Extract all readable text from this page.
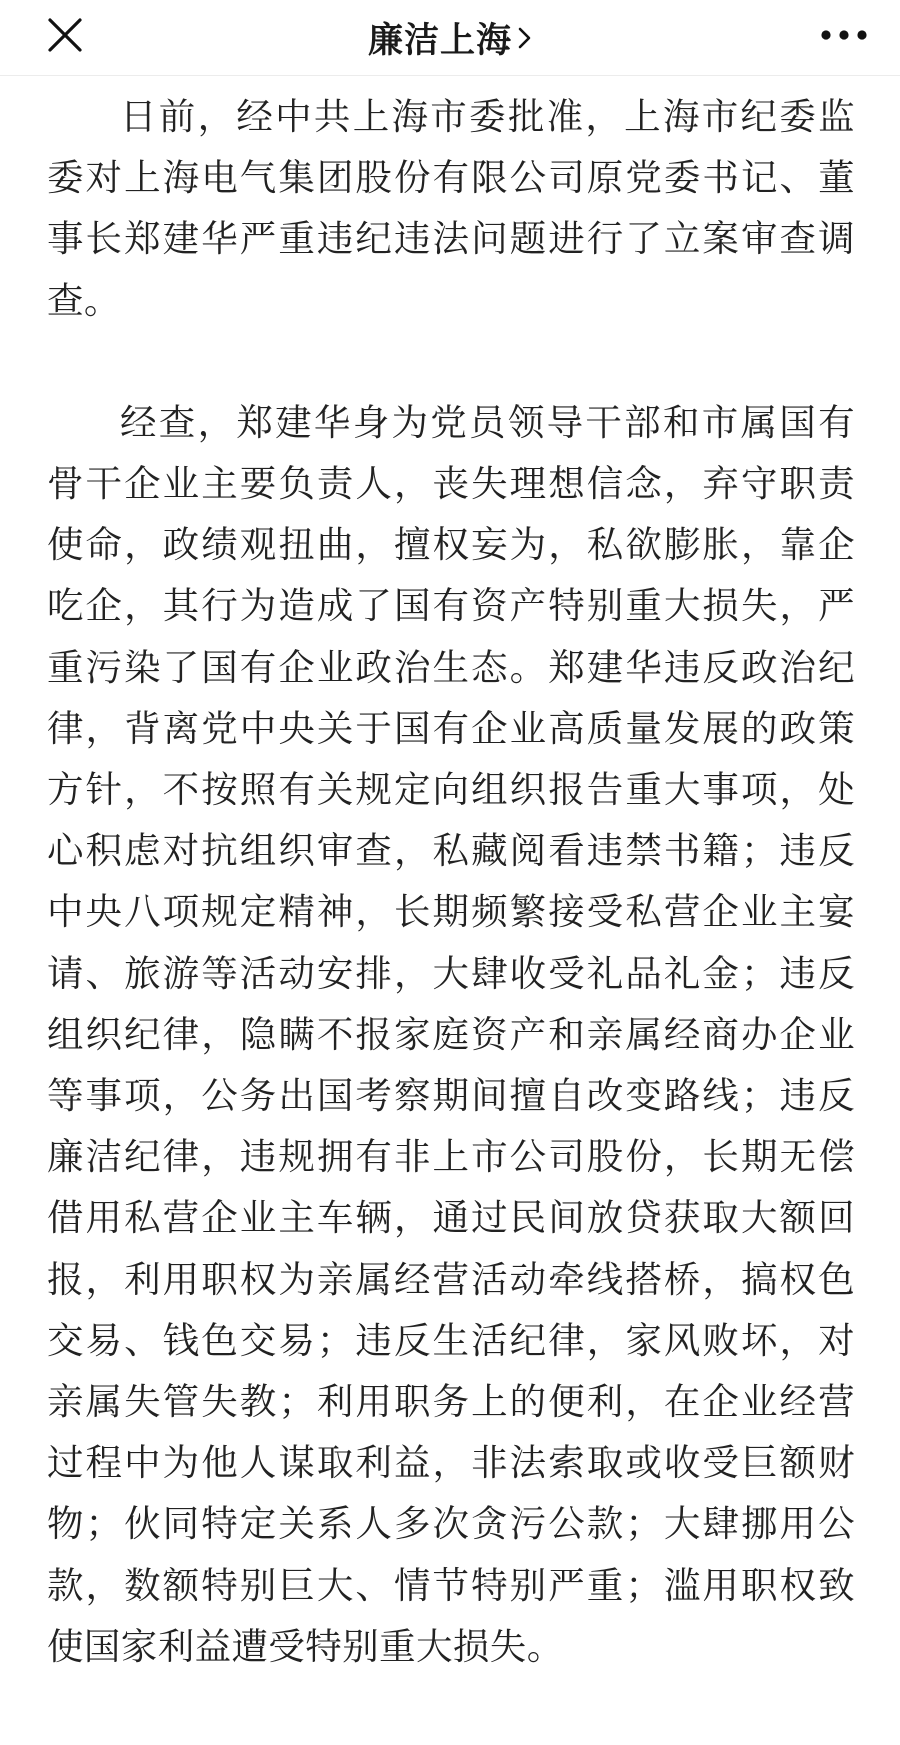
廉洁上海

日前，经中共上海市委批准，上海市纪委监委对上海电气集团股份有限公司原党委书记、董事长郑建华严重违纪违法问题进行了立案审查调查。

经查，郑建华身为党员领导干部和市属国有骨干企业主要负责人，丧失理想信念，弃守职责使命，政绩观扭曲，擅权妄为，私欲膨胀，靠企吃企，其行为造成了国有资产特别重大损失，严重污染了国有企业政治生态。郑建华违反政治纪律，背离党中央关于国有企业高质量发展的政策方针，不按照有关规定向组织报告重大事项，处心积虑对抗组织审查，私藏阅看违禁书籍；违反中央八项规定精神，长期频繁接受私营企业主宴请、旅游等活动安排，大肆收受礼品礼金；违反组织纪律，隐瞒不报家庭资产和亲属经商办企业等事项，公务出国考察期间擅自改变路线；违反廉洁纪律，违规拥有非上市公司股份，长期无偿借用私营企业主车辆，通过民间放贷获取大额回报，利用职权为亲属经营活动牵线搭桥，搞权色交易、钱色交易；违反生活纪律，家风败坏，对亲属失管失教；利用职务上的便利，在企业经营过程中为他人谋取利益，非法索取或收受巨额财物；伙同特定关系人多次贪污公款；大肆挪用公款，数额特别巨大、情节特别严重；滥用职权致使国家利益遭受特别重大损失。
